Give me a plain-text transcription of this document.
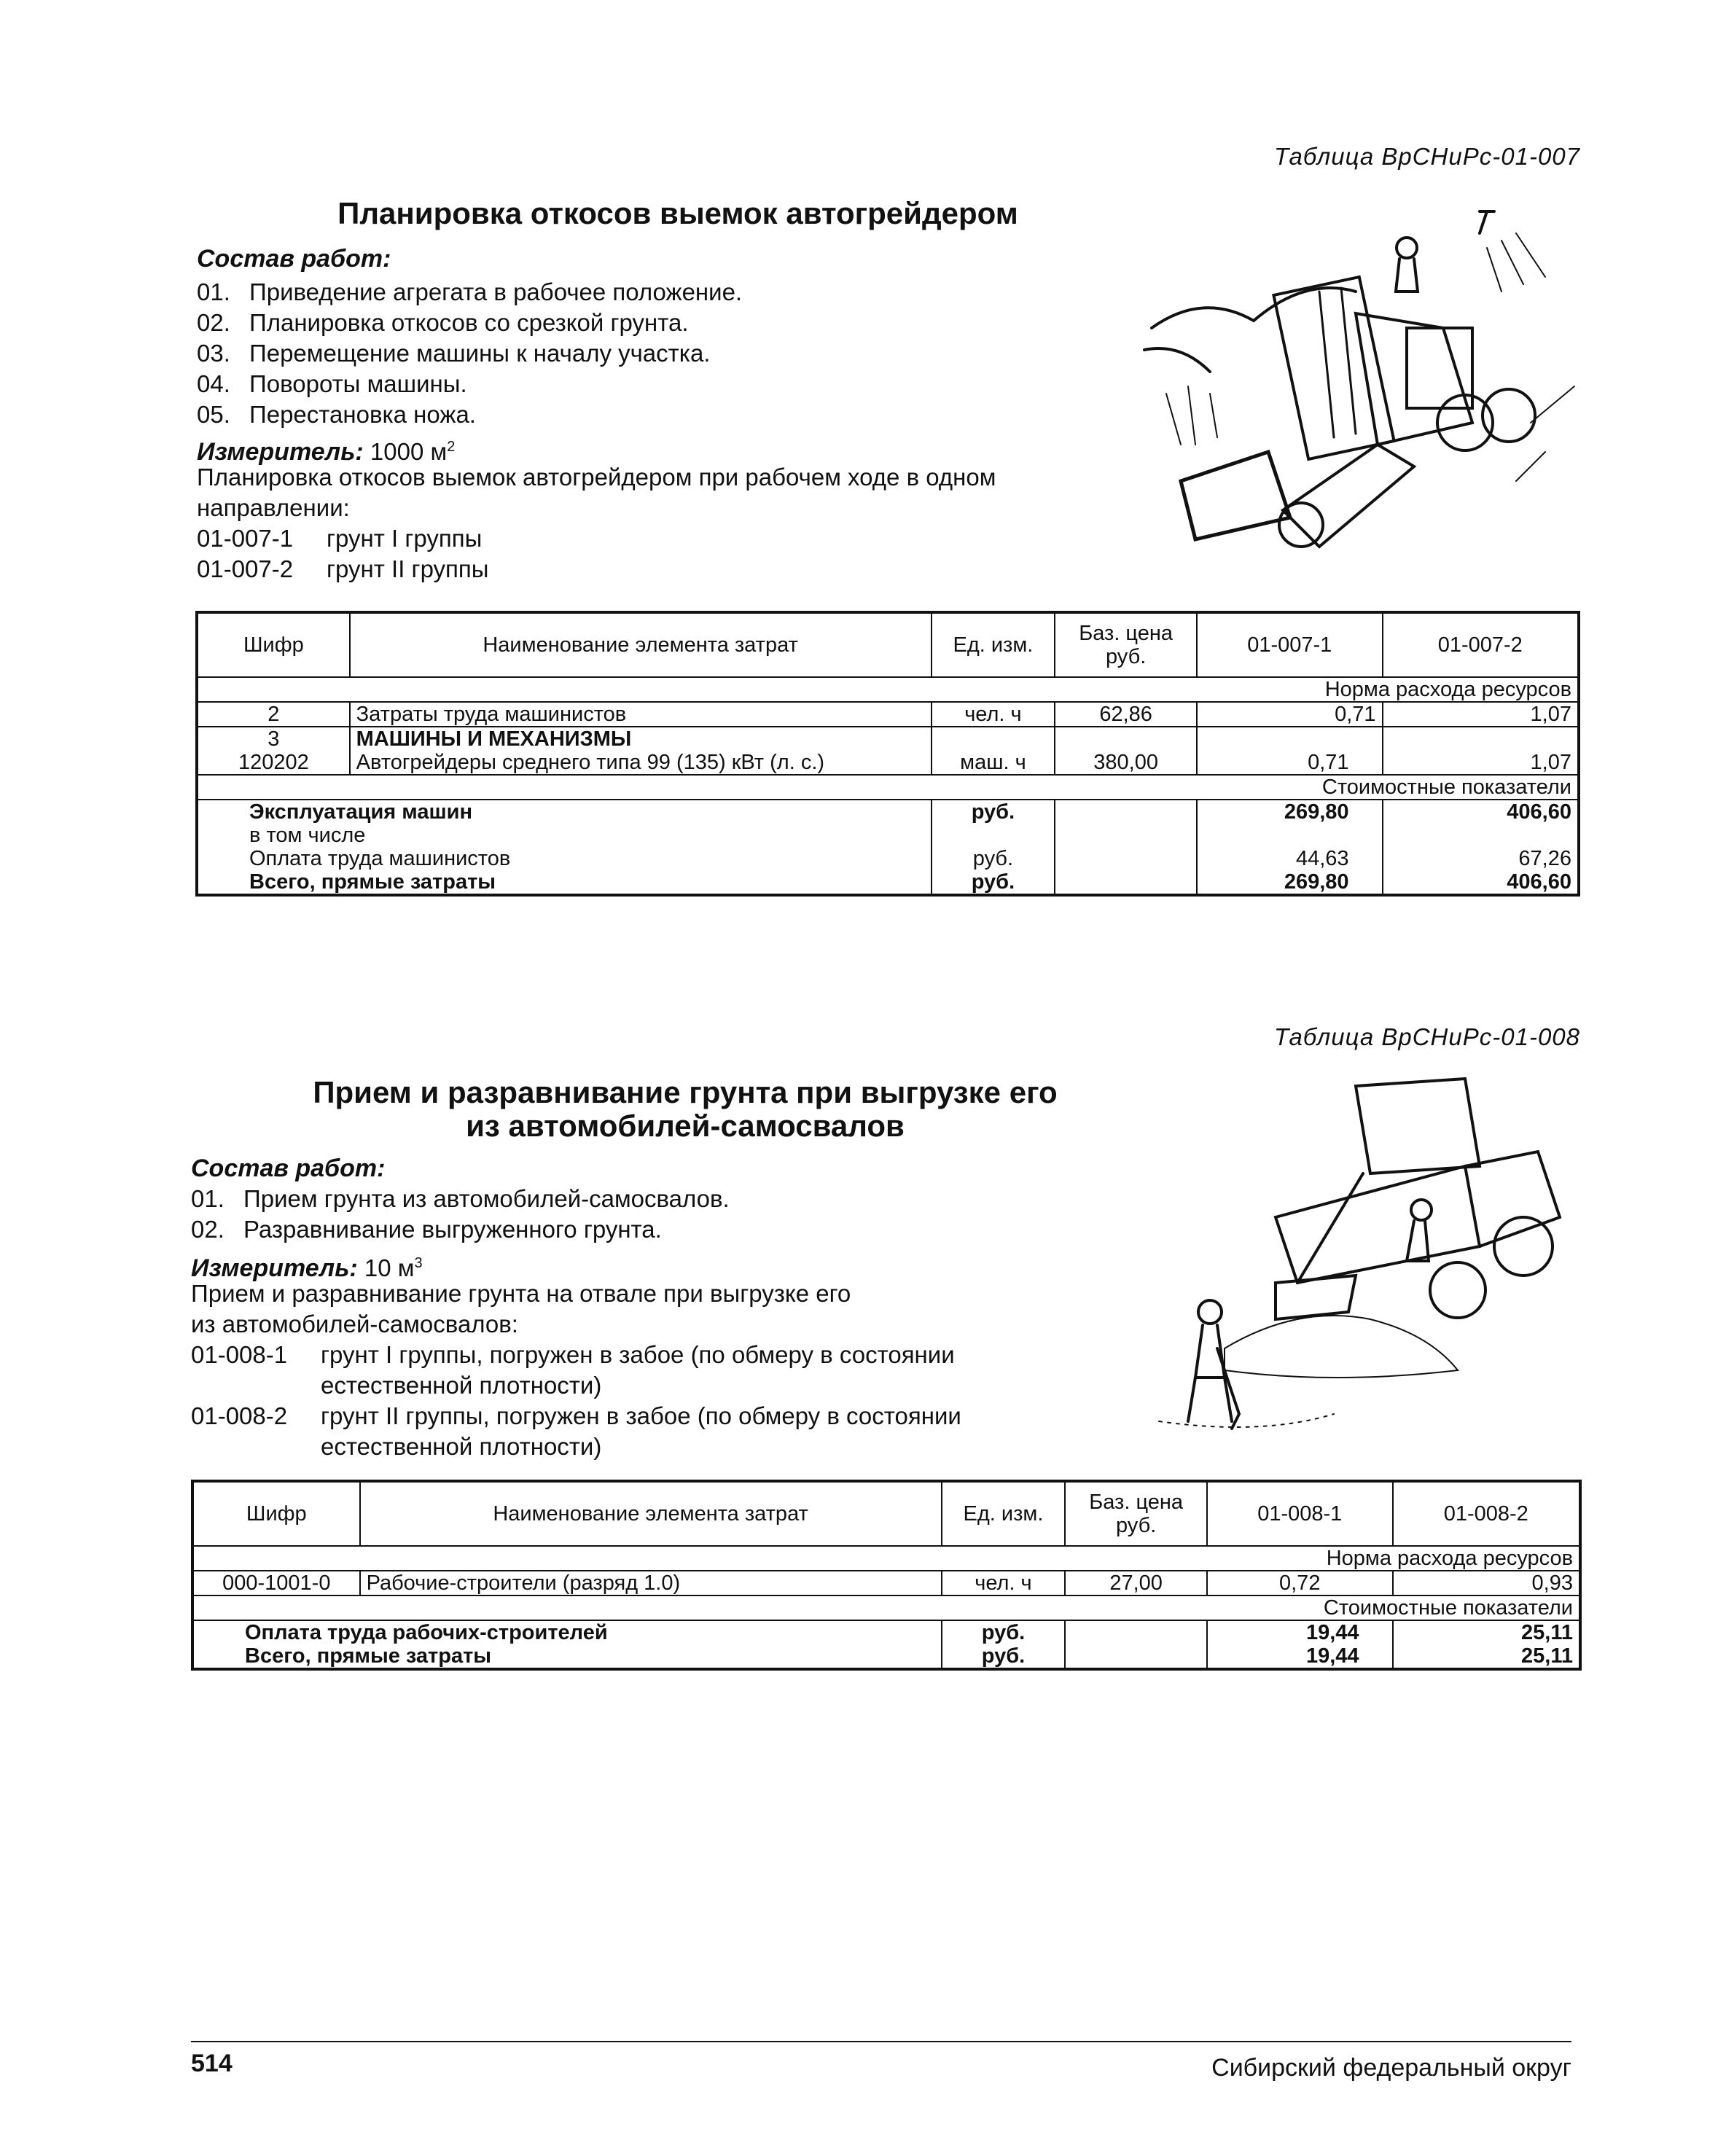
Таблица ВрСНиРс-01-007
Планировка откосов выемок автогрейдером
Состав работ:
01. Приведение агрегата в рабочее положение.
02. Планировка откосов со срезкой грунта.
03. Перемещение машины к началу участка.
04. Повороты машины.
05. Перестановка ножа.
Измеритель: 1000 $м^2$
Планировка откосов выемок автогрейдером при рабочем ходе в одном
направлении:
01-007-1	грунт I группы
01-007-2	грунт II группы
Шифр	Наименование элемента затрат	Ед. изм.	Баз. цена руб.	01-007-1	01-007-2
Норма расхода ресурсов					
2	Затраты труда машинистов	чел. ч	62,86	0,71	1,07
3	МАШИНЫ И МЕХАНИЗМЫ				
120202	Автогрейдеры среднего типа 99 (135) кВт (л. с.)	маш. ч	380,00	0,71	1,07
Стоимостные показатели					
Эксплуатация машин		руб.		269,80	406,60
в том числе					
Оплата труда машинистов		руб.		44,63	67,26
Всего, прямые затраты		руб.		269,80	406,60
Таблица ВрСНиРс-01-008
Прием и разравнивание грунта при выгрузке его
из автомобилей-самосвалов
Состав работ:
01. Прием грунта из автомобилей-самосвалов.
02. Разравнивание выгруженного грунта.
Измеритель: 10 $м^3$
Прием и разравнивание грунта на отвале при выгрузке его
из автомобилей-самосвалов:
01-008-1	грунт I группы, погружен в забое (по обмеру в состоянии
естественной плотности)
01-008-2	грунт II группы, погружен в забое (по обмеру в состоянии
естественной плотности)
Шифр	Наименование элемента затрат	Ед. изм.	Баз. цена руб.	01-008-1	01-008-2
Норма расхода ресурсов					
000-1001-0	Рабочие-строители (разряд 1.0)	чел. ч	27,00	0,72	0,93
Стоимостные показатели					
Оплата труда рабочих-строителей		руб.		19,44	25,11
Всего, прямые затраты		руб.		19,44	25,11
514	Сибирский федеральный округ
